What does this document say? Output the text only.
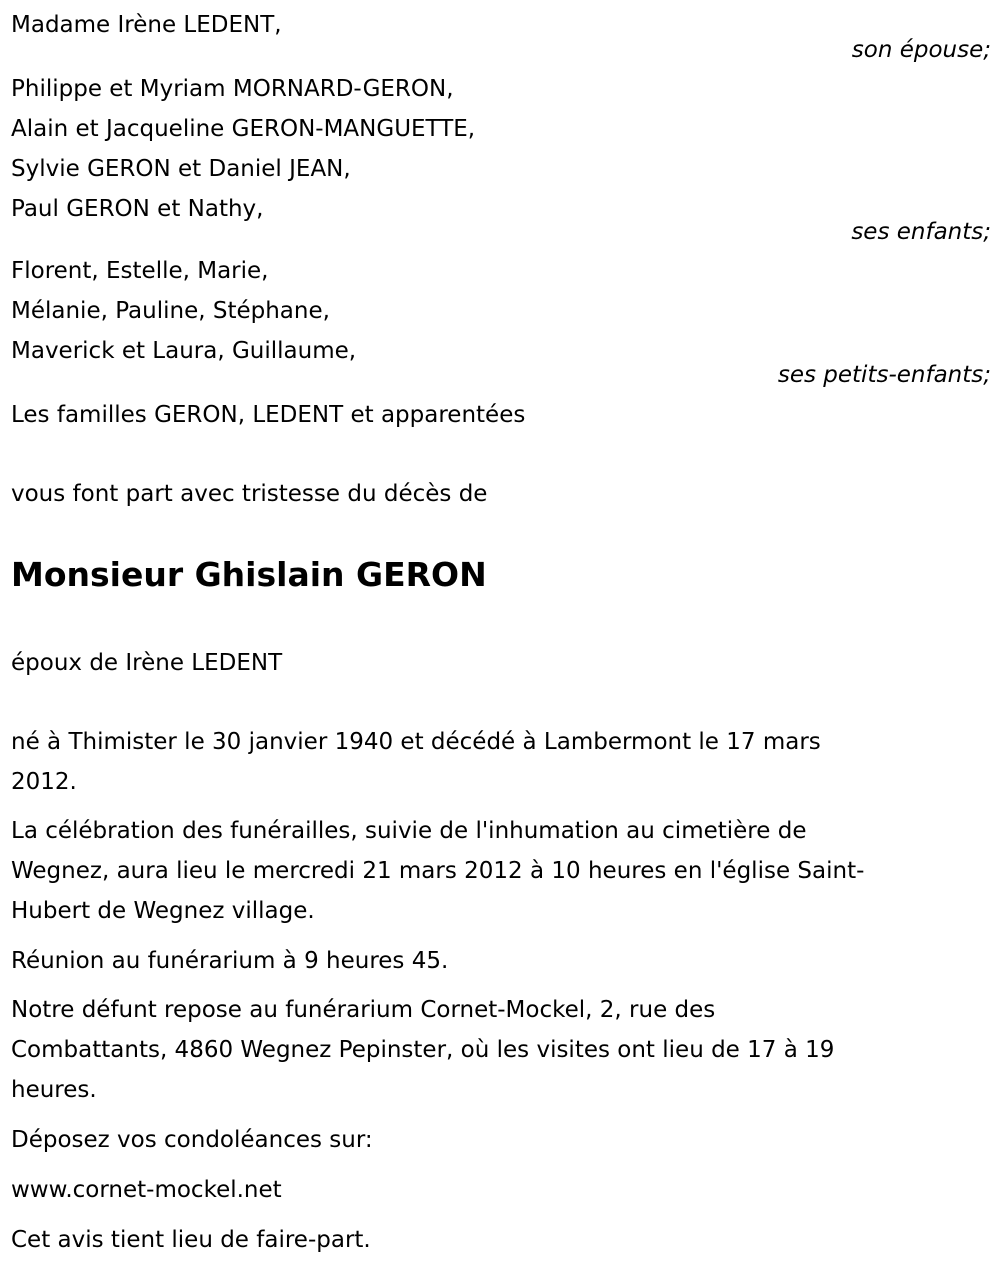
Madame Irène LEDENT,
son épouse;
Philippe et Myriam MORNARD-GERON,
Alain et Jacqueline GERON-MANGUETTE,
Sylvie GERON et Daniel JEAN,
Paul GERON et Nathy,
ses enfants;
Florent, Estelle, Marie,
Mélanie, Pauline, Stéphane,
Maverick et Laura, Guillaume,
ses petits-enfants;
Les familles GERON, LEDENT et apparentées
vous font part avec tristesse du décès de
Monsieur Ghislain GERON
époux de Irène LEDENT
né à Thimister le 30 janvier 1940 et décédé à Lambermont le 17 mars
2012.
La célébration des funérailles, suivie de l'inhumation au cimetière de
Wegnez, aura lieu le mercredi 21 mars 2012 à 10 heures en l'église Saint-
Hubert de Wegnez village.
Réunion au funérarium à 9 heures 45.
Notre défunt repose au funérarium Cornet-Mockel, 2, rue des
Combattants, 4860 Wegnez Pepinster, où les visites ont lieu de 17 à 19
heures.
Déposez vos condoléances sur:
www.cornet-mockel.net
Cet avis tient lieu de faire-part.
